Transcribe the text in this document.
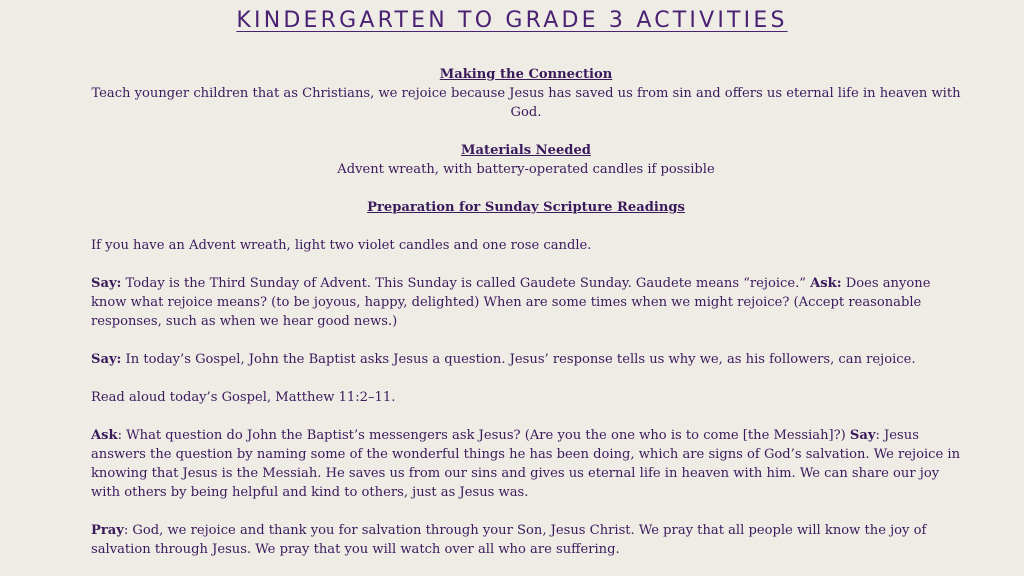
KINDERGARTEN TO GRADE 3 ACTIVITIES

Making the Connection

Teach younger children that as Christians, we rejoice because Jesus has saved us from sin and offers us eternal life in heaven with God.

Materials Needed

Advent wreath, with battery-operated candles if possible

Preparation for Sunday Scripture Readings

If you have an Advent wreath, light two violet candles and one rose candle.

Say: Today is the Third Sunday of Advent. This Sunday is called Gaudete Sunday. Gaudete means “rejoice.” Ask: Does anyone know what rejoice means? (to be joyous, happy, delighted) When are some times when we might rejoice? (Accept reasonable responses, such as when we hear good news.)

Say: In today’s Gospel, John the Baptist asks Jesus a question. Jesus’ response tells us why we, as his followers, can rejoice.

Read aloud today’s Gospel, Matthew 11:2–11.

Ask: What question do John the Baptist’s messengers ask Jesus? (Are you the one who is to come [the Messiah]?) Say: Jesus answers the question by naming some of the wonderful things he has been doing, which are signs of God’s salvation. We rejoice in knowing that Jesus is the Messiah. He saves us from our sins and gives us eternal life in heaven with him. We can share our joy with others by being helpful and kind to others, just as Jesus was.

Pray: God, we rejoice and thank you for salvation through your Son, Jesus Christ. We pray that all people will know the joy of salvation through Jesus. We pray that you will watch over all who are suffering.
